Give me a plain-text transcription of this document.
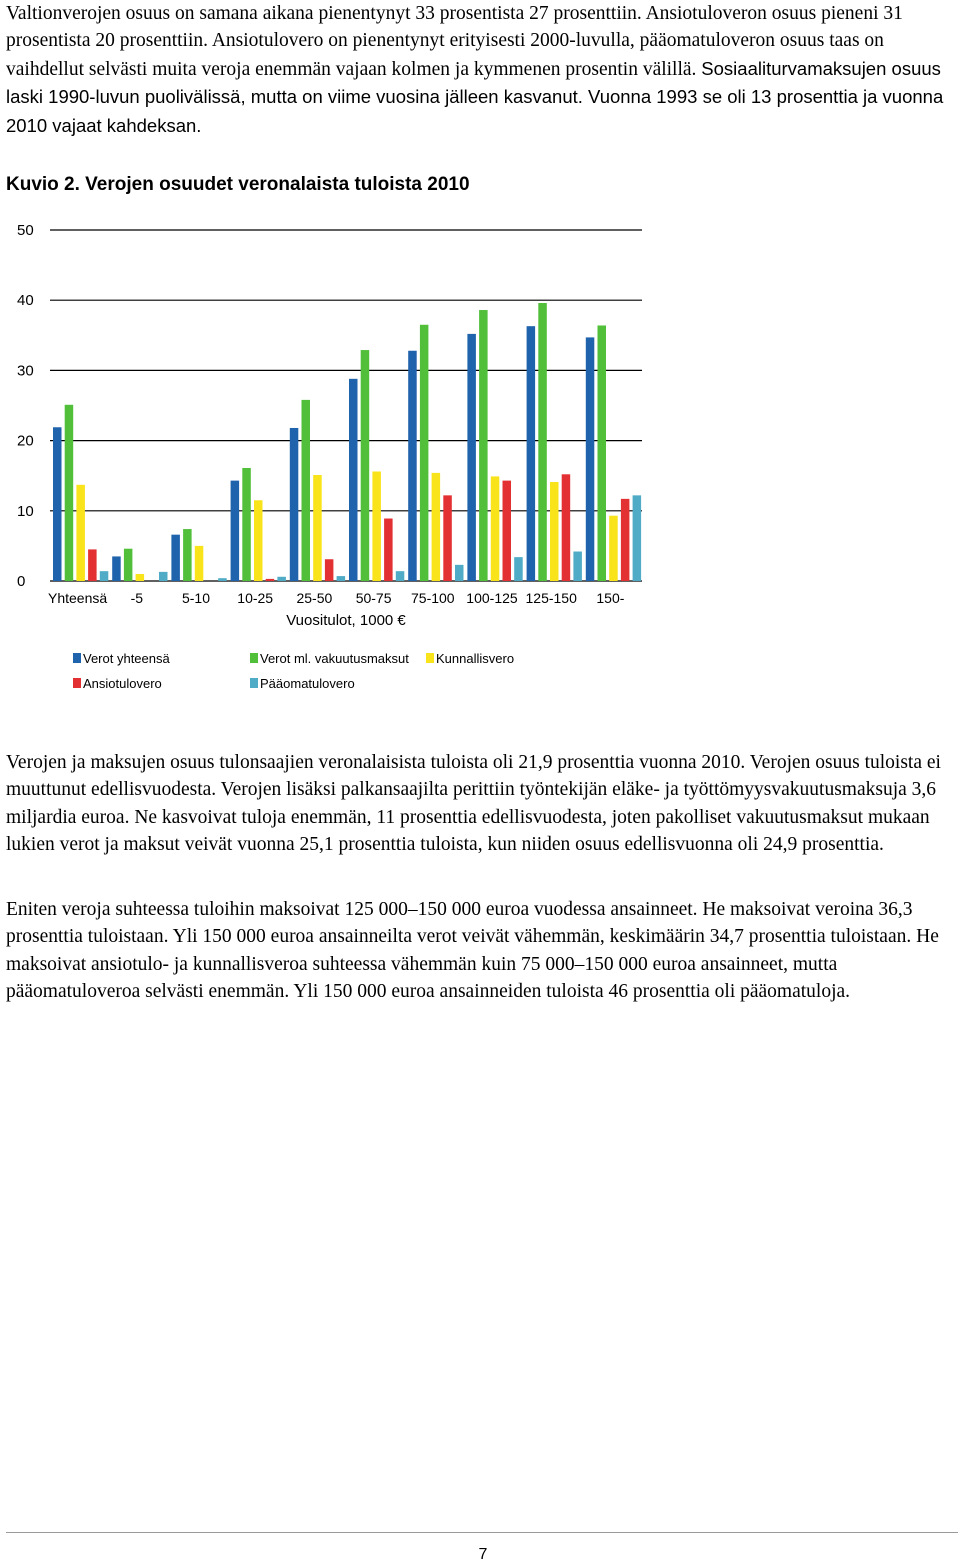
Valtionverojen osuus on samana aikana pienentynyt 33 prosentista 27 prosenttiin. Ansiotuloveron osuus pieneni 31 prosentista 20 prosenttiin. Ansiotulovero on pienentynyt erityisesti 2000-luvulla, pääomatuloveron osuus taas on vaihdellut selvästi muita veroja enemmän vajaan kolmen ja kymmenen prosentin välillä. Sosiaaliturvamaksujen osuus laski 1990-luvun puolivälissä, mutta on viime vuosina jälleen kasvanut. Vuonna 1993 se oli 13 prosenttia ja vuonna 2010 vajaat kahdeksan.

Kuvio 2. Verojen osuudet veronalaista tuloista 2010
0
10
20
30
40
50
Yhteensä -5	5-10 10-25 25-50 50-75 75-100 100-125 125-150 150-
Vuositulot, 1000 €
Verot yhteensä	Verot ml. vakuutusmaksut Kunnallisvero
Ansiotulovero	Pääomatulovero

Verojen ja maksujen osuus tulonsaajien veronalaisista tuloista oli 21,9 prosenttia vuonna 2010. Verojen osuus tuloista ei muuttunut edellisvuodesta. Verojen lisäksi palkansaajilta perittiin työntekijän eläke- ja työttömyysvakuutusmaksuja 3,6 miljardia euroa. Ne kasvoivat tuloja enemmän, 11 prosenttia edellisvuodesta, joten pakolliset vakuutusmaksut mukaan lukien verot ja maksut veivät vuonna 25,1 prosenttia tuloista, kun niiden osuus edellisvuonna oli 24,9 prosenttia.

Eniten veroja suhteessa tuloihin maksoivat 125 000–150 000 euroa vuodessa ansainneet. He maksoivat veroina 36,3 prosenttia tuloistaan. Yli 150 000 euroa ansainneilta verot veivät vähemmän, keskimäärin 34,7 prosenttia tuloistaan. He maksoivat ansiotulo- ja kunnallisveroa suhteessa vähemmän kuin 75 000–150 000 euroa ansainneet, mutta pääomatuloveroa selvästi enemmän. Yli 150 000 euroa ansainneiden tuloista 46 prosenttia oli pääomatuloja.

7
